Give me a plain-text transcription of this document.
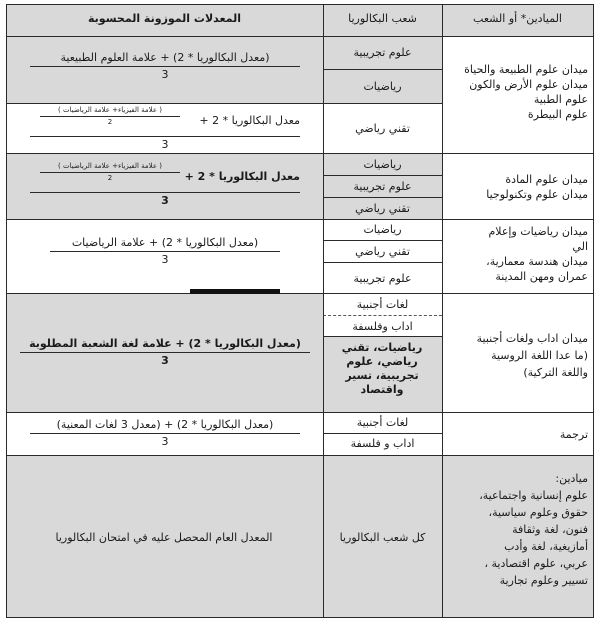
المعدلات الموزونة المحسوبة	شعب البكالوريا	الميادين* أو الشعب
ميدان علوم الطبيعة والحياة
ميدان علوم الأرض والكون
علوم الطبية
علوم البيطرة
علوم تجريبية
رياضيات
تقني رياضي
(معدل البكالوريا * 2) + علامة العلوم الطبيعية
3
معدل البكالوريا * 2 +
( علامة الفيزياء+ علامة الرياضيات )
2
3
ميدان علوم المادة
ميدان علوم وتكنولوجيا
رياضيات
علوم تجريبية
تقني رياضي
معدل البكالوريا * 2 +
( علامة الفيزياء+ علامة الرياضيات )
2
3
ميدان رياضيات وإعلام
الي
ميدان هندسة معمارية،
عمران ومهن المدينة
رياضيات
تقني رياضي
علوم تجريبية
(معدل البكالوريا * 2) + علامة الرياضيات
3
ميدان اداب ولغات أجنبية
(ما عدا اللغة الروسية
واللغة التركية)
لغات أجنبية
اداب وفلسفة
رياضيات، تقني رياضي، علوم تجريبية، تسير واقتصاد
(معدل البكالوريا * 2) + علامة لغة الشعبة المطلوبة
3
ترجمة
لغات أجنبية
اداب و فلسفة
(معدل البكالوريا * 2) + (معدل 3 لغات المعنية)
3
ميادين:
علوم إنسانية واجتماعية،
حقوق وعلوم سياسية،
فنون، لغة وثقافة
أمازيغية، لغة وأدب
عربي، علوم اقتصادية ،
تسيير وعلوم تجارية
كل شعب البكالوريا
المعدل العام المحصل عليه في امتحان البكالوريا
